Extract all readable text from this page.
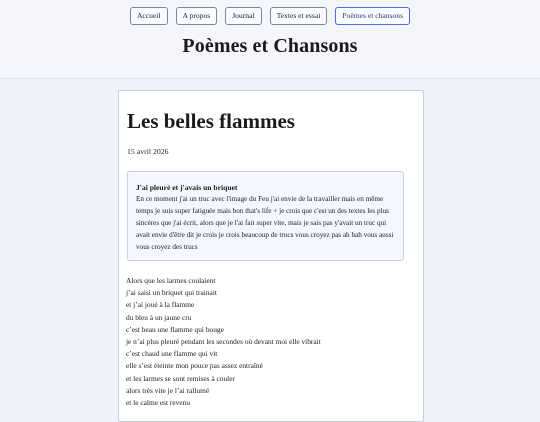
Accueil	A propos	Journal	Textes et essai	Poèmes et chansons
Poèmes et Chansons
Les belles flammes
15 avril 2026
J'ai pleuré et j'avais un briquet
En ce moment j'ai un truc avec l'image du Feu j'ai envie de la travailler mais en même temps je suis super fatiguée mais bon that's life + je crois que c'est un des textes les plus sincères que j'ai écrit, alors que je l'ai fait super vite, mais je sais pas y'avait un truc qui avait envie d'être dit je crois je crois beaucoup de trucs vous croyez pas ah bah vous aussi vous croyez des trucs
Alors que les larmes coulaient
j’ai saisi un briquet qui trainait
et j’ai joué à la flamme
du bleu à un jaune cru
c’est beau une flamme qui bouge
je n’ai plus pleuré pendant les secondes où devant moi elle vibrait
c’est chaud une flamme qui vit
elle s’est éteinte mon pouce pas assez entraîné
et les larmes se sont remises à couler
alors très vite je l’ai rallumé
et le calme est revenu
